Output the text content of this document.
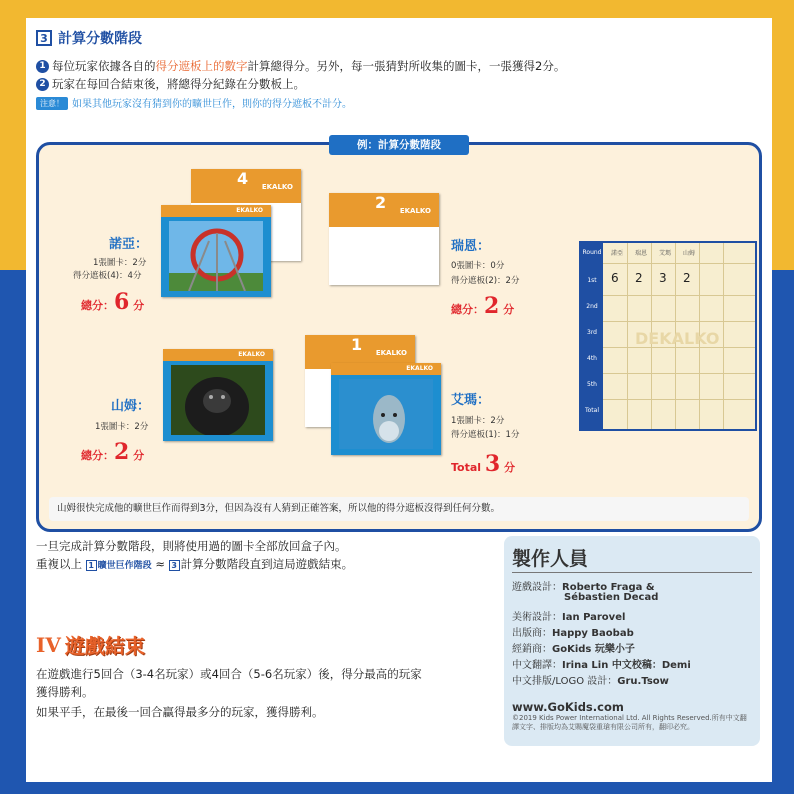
3 計算分數階段
1 每位玩家依據各自的得分遮板上的數字計算總得分。另外，每一張猜對所收集的圖卡，一張獲得2分。
2 玩家在每回合結束後，將總得分紀錄在分數板上。
注意！ 如果其他玩家沒有猜到你的曠世巨作，則你的得分遮板不計分。
例：計算分數階段
4 EKALKO
EKALKO
諾亞：
1張圖卡：2分
得分遮板(4)：4分
總分：6 分
2 EKALKO
瑞恩：
0張圖卡：0分
得分遮板(2)：2分
總分：2 分
EKALKO
山姆：
1張圖卡：2分
總分：2 分
1 EKALKO
EKALKO
艾瑪：
1張圖卡：2分
得分遮板(1)：1分
Total 3 分
Round
1st
2nd
3rd
4th
5th
Total
諾亞 瑞恩 艾瑪 山姆
6 2 3 2
DEKALKO
山姆很快完成他的曠世巨作而得到3分，但因為沒有人猜到正確答案，所以他的得分遮板沒得到任何分數。
一旦完成計算分數階段，則將使用過的圖卡全部放回盒子內。
重複以上 1 曠世巨作階段 ≈ 3 計算分數階段直到這局遊戲結束。
IV 遊戲結束
在遊戲進行5回合（3-4名玩家）或4回合（5-6名玩家）後，得分最高的玩家
獲得勝利。
如果平手，在最後一回合贏得最多分的玩家，獲得勝利。
製作人員
遊戲設計：Roberto Fraga &
Sébastien Decad
美術設計：Ian Parovel
出版商：Happy Baobab
經銷商：GoKids 玩樂小子
中文翻譯：Irina Lin 中文校稿：Demi
中文排版/LOGO 設計：Gru.Tsow
www.GoKids.com
©2019 Kids Power International Ltd. All Rights Reserved.所有中文翻譯文字、排版均為艾賜魔袋重瑲有限公司所有，翻印必究。
4
